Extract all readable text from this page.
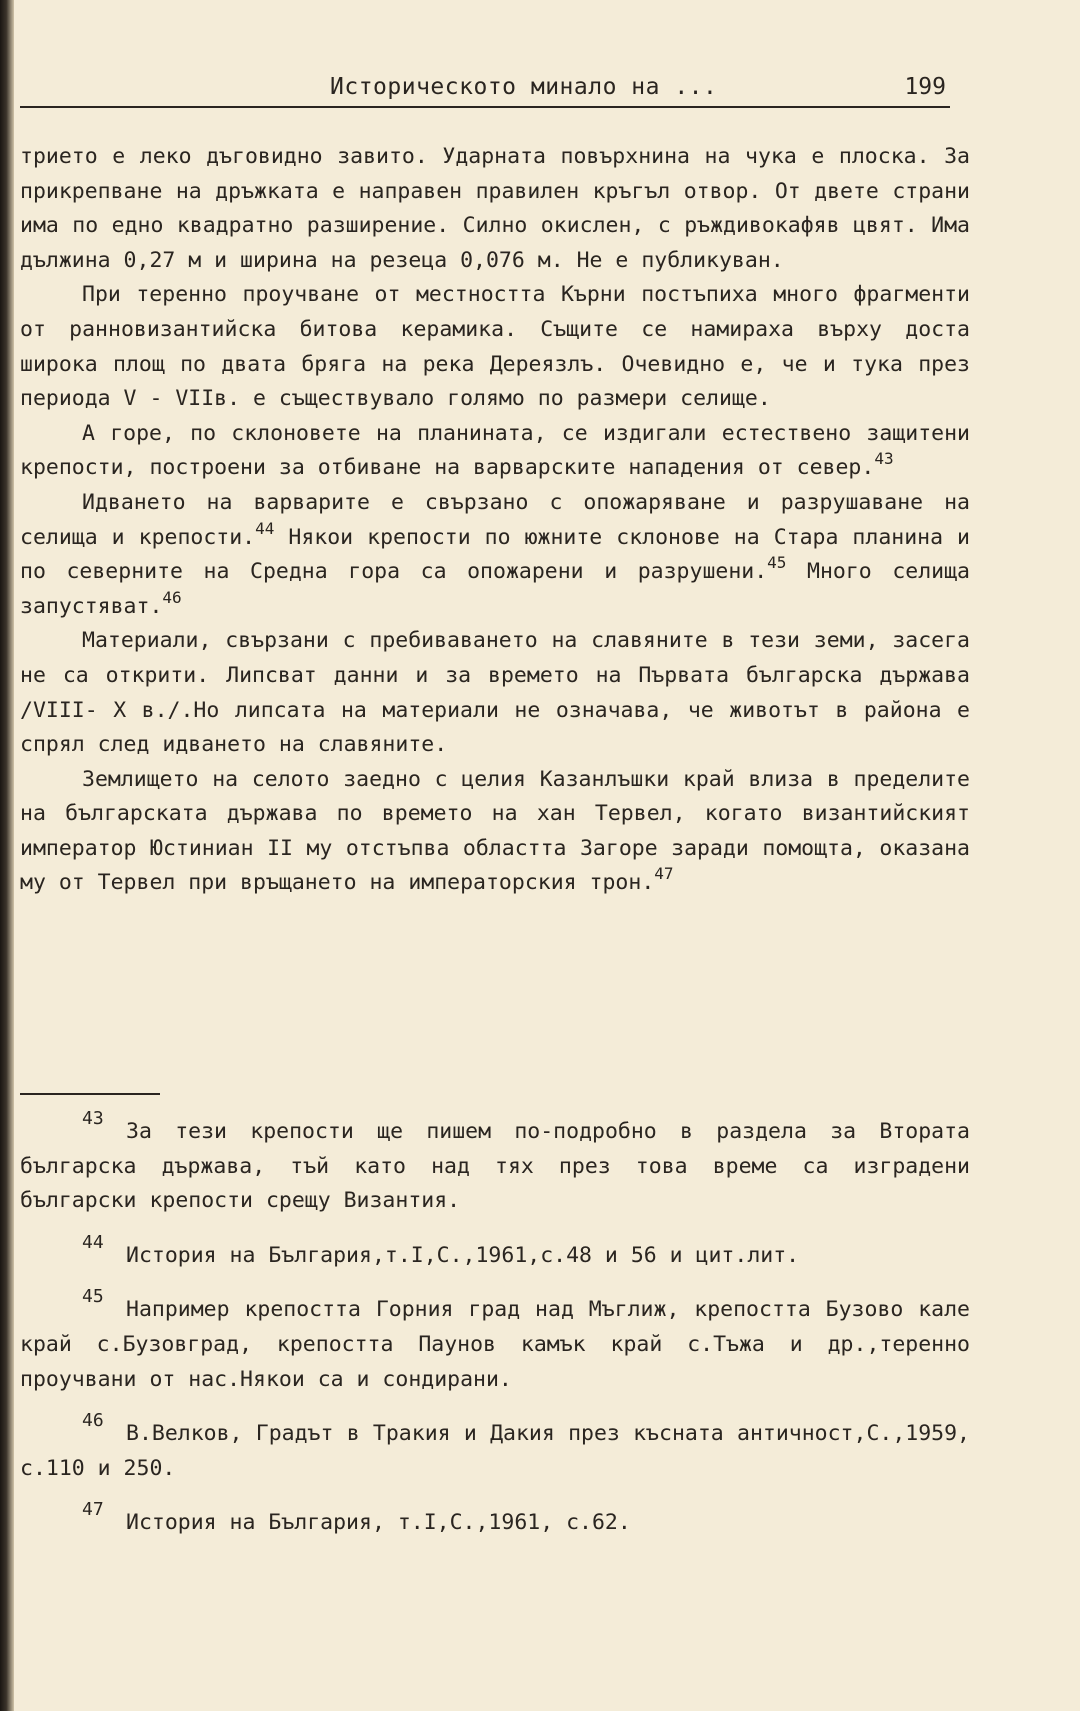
Историческото минало на ...	199

трието е леко дъговидно завито. Ударната повърхнина на чука е плоска. За прикрепване на дръжката е направен правилен кръгъл отвор. От двете страни има по едно квадратно разширение. Силно окислен, с ръждивокафяв цвят. Има дължина 0,27 м и ширина на резеца 0,076 м. Не е публикуван.

При теренно проучване от местността Кърни постъпиха много фрагменти от ранновизантийска битова керамика. Същите се намираха върху доста широка площ по двата бряга на река Дереязлъ. Очевидно е, че и тука през периода V - VIIв. е съществувало голямо по размери селище.

А горе, по склоновете на планината, се издигали естествено защитени крепости, построени за отбиване на варварските нападения от север.$^{43}$

Идването на варварите е свързано с опожаряване и разрушаване на селища и крепости.$^{44}$ Някои крепости по южните склонове на Стара планина и по северните на Средна гора са опожарени и разрушени.$^{45}$ Много селища запустяват.$^{46}$

Материали, свързани с пребиваването на славяните в тези земи, засега не са открити. Липсват данни и за времето на Първата българска държава /VIII- X в./.Но липсата на материали не означава, че животът в района е спрял след идването на славяните.

Землището на селото заедно с целия Казанлъшки край влиза в пределите на българската държава по времето на хан Тервел, когато византийският император Юстиниан II му отстъпва областта Загоре заради помощта, оказана му от Тервел при връщането на императорския трон.$^{47}$

43За тези крепости ще пишем по-подробно в раздела за Втората българска държава, тъй като над тях през това време са изградени български крепости срещу Византия.

44История на България,т.I,С.,1961,с.48 и 56 и цит.лит.

45Например крепостта Горния град над Мъглиж, крепостта Бузово кале край с.Бузовград, крепостта Паунов камък край с.Тъжа и др.,теренно проучвани от нас.Някои са и сондирани.

46В.Велков, Градът в Тракия и Дакия през късната античност,С.,1959, с.110 и 250.

47История на България, т.I,С.,1961, с.62.
